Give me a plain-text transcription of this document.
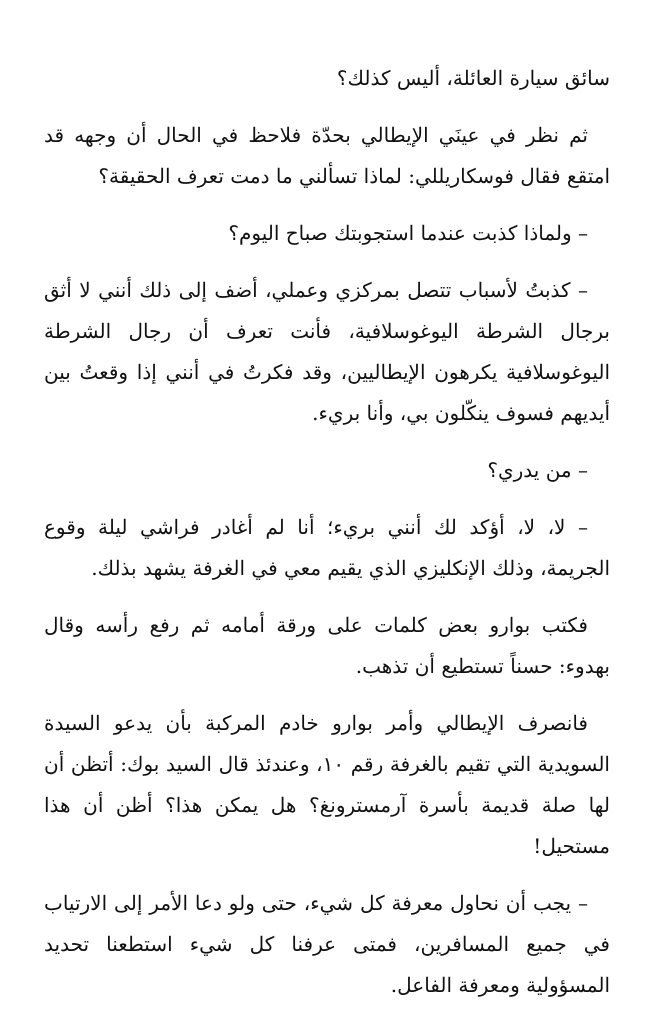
سائق سيارة العائلة، أليس كذلك؟

ثم نظر في عينَي الإيطالي بحدّة فلاحظ في الحال أن وجهه قد امتقع فقال فوسكاريللي: لماذا تسألني ما دمت تعرف الحقيقة؟

– ولماذا كذبت عندما استجوبتك صباح اليوم؟

– كذبتُ لأسباب تتصل بمركزي وعملي، أضف إلى ذلك أنني لا أثق برجال الشرطة اليوغوسلافية، فأنت تعرف أن رجال الشرطة اليوغوسلافية يكرهون الإيطاليين، وقد فكرتُ في أنني إذا وقعتُ بين أيديهم فسوف ينكّلون بي، وأنا بريء.

– من يدري؟

– لا، لا، أؤكد لك أنني بريء؛ أنا لم أغادر فراشي ليلة وقوع الجريمة، وذلك الإنكليزي الذي يقيم معي في الغرفة يشهد بذلك.

فكتب بوارو بعض كلمات على ورقة أمامه ثم رفع رأسه وقال بهدوء: حسناً تستطيع أن تذهب.

فانصرف الإيطالي وأمر بوارو خادم المركبة بأن يدعو السيدة السويدية التي تقيم بالغرفة رقم ١٠، وعندئذ قال السيد بوك: أتظن أن لها صلة قديمة بأسرة آرمسترونغ؟ هل يمكن هذا؟ أظن أن هذا مستحيل!

– يجب أن نحاول معرفة كل شيء، حتى ولو دعا الأمر إلى الارتياب في جميع المسافرين، فمتى عرفنا كل شيء استطعنا تحديد المسؤولية ومعرفة الفاعل.
